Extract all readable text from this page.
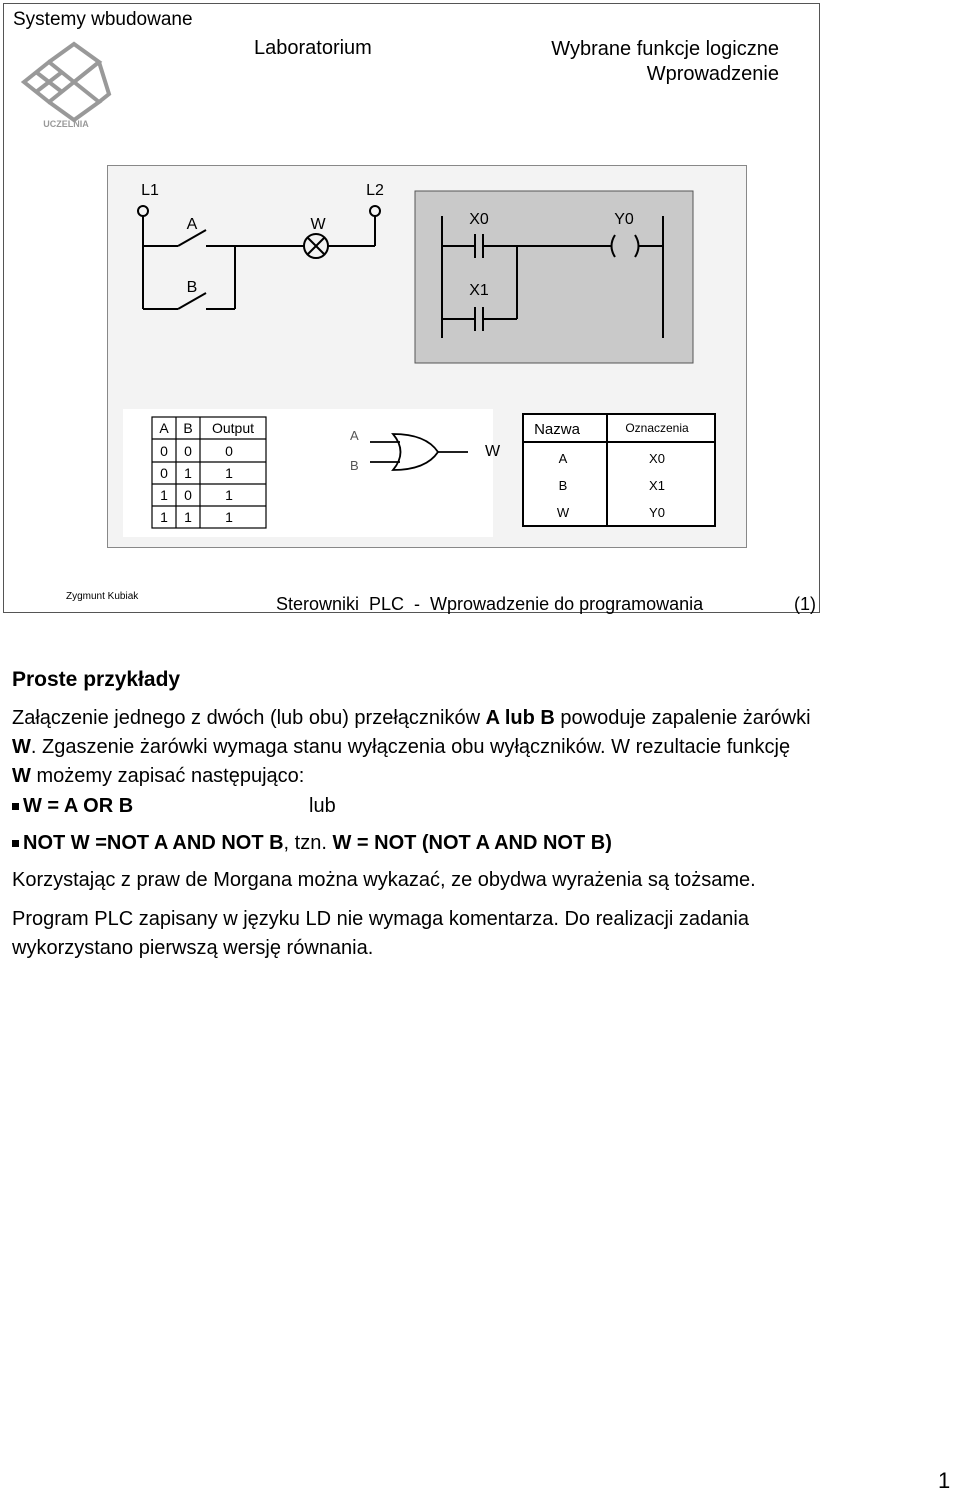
Systemy wbudowane
Laboratorium	Wybrane funkcje logiczne
Wprowadzenie
UCZELNIA
L1	L2
A
B
W	X0
X1
Y0
A B Output
0 0 0
0 1 1
1 0 1
1 1 1
A
B
W
Nazwa	Oznaczenia
A	X0
B	X1
W	Y0
Zygmunt Kubiak	Sterowniki  PLC  -  Wprowadzenie do programowania	(1)

Proste przykłady

Załączenie jednego z dwóch (lub obu) przełączników A lub B powoduje zapalenie żarówki W. Zgaszenie żarówki wymaga stanu wyłączenia obu wyłączników. W rezultacie funkcję W możemy zapisać następująco:

W = A OR B	lub

NOT W =NOT A AND NOT B , tzn. W = NOT (NOT A AND NOT B)

Korzystając z praw de Morgana można wykazać, ze obydwa wyrażenia są tożsame.

Program PLC zapisany w języku LD nie wymaga komentarza. Do realizacji zadania wykorzystano pierwszą wersję równania.

1
